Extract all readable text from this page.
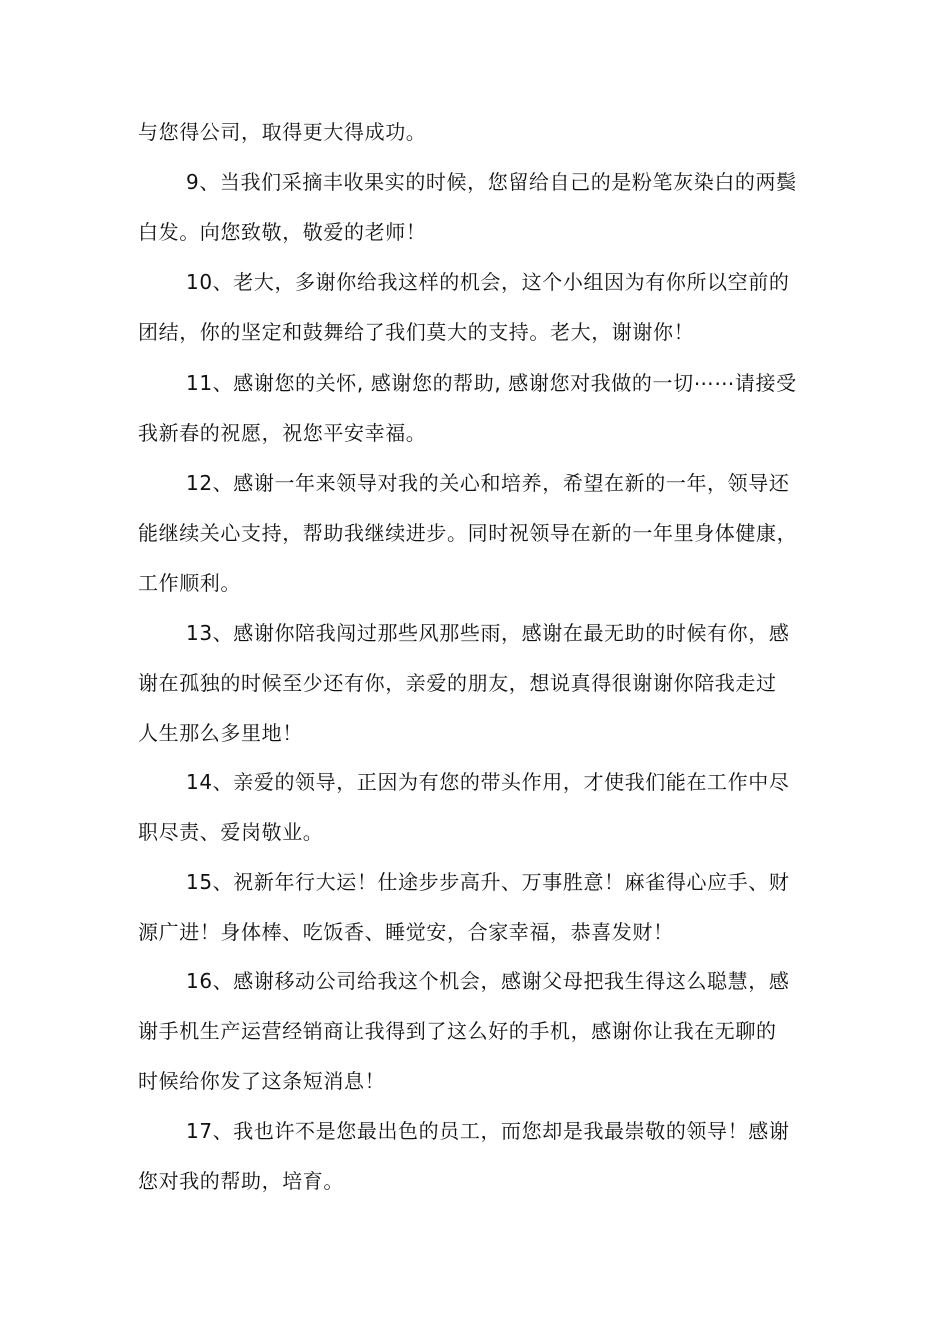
与您得公司，取得更大得成功。
9、当我们采摘丰收果实的时候，您留给自己的是粉笔灰染白的两鬓
白发。向您致敬，敬爱的老师！
10、老大，多谢你给我这样的机会，这个小组因为有你所以空前的
团结，你的坚定和鼓舞给了我们莫大的支持。老大，谢谢你！
11、感谢您的关怀, 感谢您的帮助, 感谢您对我做的一切⋯⋯请接受
我新春的祝愿，祝您平安幸福。
12、感谢一年来领导对我的关心和培养，希望在新的一年，领导还
能继续关心支持，帮助我继续进步。同时祝领导在新的一年里身体健康，
工作顺利。
13、感谢你陪我闯过那些风那些雨，感谢在最无助的时候有你，感
谢在孤独的时候至少还有你，亲爱的朋友，想说真得很谢谢你陪我走过
人生那么多里地！
14、亲爱的领导，正因为有您的带头作用，才使我们能在工作中尽
职尽责、爱岗敬业。
15、祝新年行大运！仕途步步高升、万事胜意！麻雀得心应手、财
源广进！身体棒、吃饭香、睡觉安，合家幸福，恭喜发财！
16、感谢移动公司给我这个机会，感谢父母把我生得这么聪慧，感
谢手机生产运营经销商让我得到了这么好的手机，感谢你让我在无聊的
时候给你发了这条短消息！
17、我也许不是您最出色的员工，而您却是我最崇敬的领导！感谢
您对我的帮助，培育。
